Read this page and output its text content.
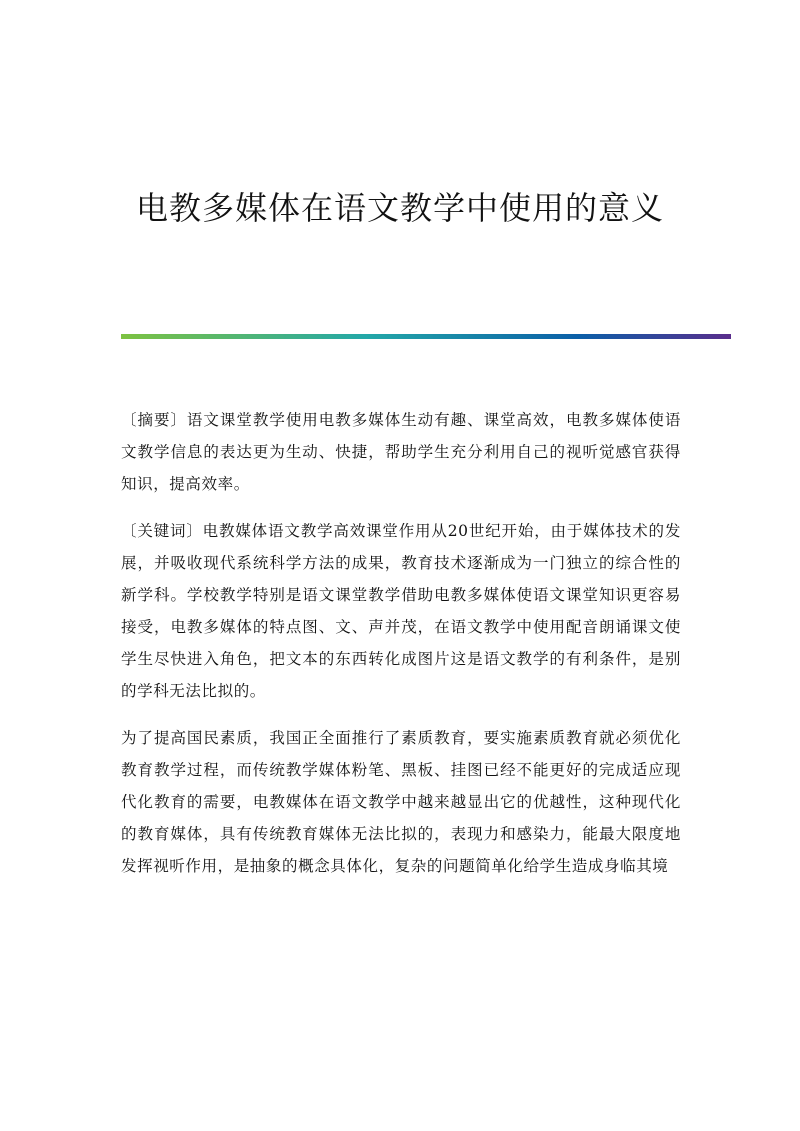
电教多媒体在语文教学中使用的意义

〔摘要〕语文课堂教学使用电教多媒体生动有趣、课堂高效，电教多媒体使语文教学信息的表达更为生动、快捷，帮助学生充分利用自己的视听觉感官获得知识，提高效率。

〔关键词〕电教媒体语文教学高效课堂作用从20世纪开始，由于媒体技术的发展，并吸收现代系统科学方法的成果，教育技术逐渐成为一门独立的综合性的新学科。学校教学特别是语文课堂教学借助电教多媒体使语文课堂知识更容易接受，电教多媒体的特点图、文、声并茂，在语文教学中使用配音朗诵课文使学生尽快进入角色，把文本的东西转化成图片这是语文教学的有利条件，是别的学科无法比拟的。

为了提高国民素质，我国正全面推行了素质教育，要实施素质教育就必须优化教育教学过程，而传统教学媒体粉笔、黑板、挂图已经不能更好的完成适应现代化教育的需要，电教媒体在语文教学中越来越显出它的优越性，这种现代化的教育媒体，具有传统教育媒体无法比拟的，表现力和感染力，能最大限度地发挥视听作用，是抽象的概念具体化，复杂的问题简单化给学生造成身临其境
